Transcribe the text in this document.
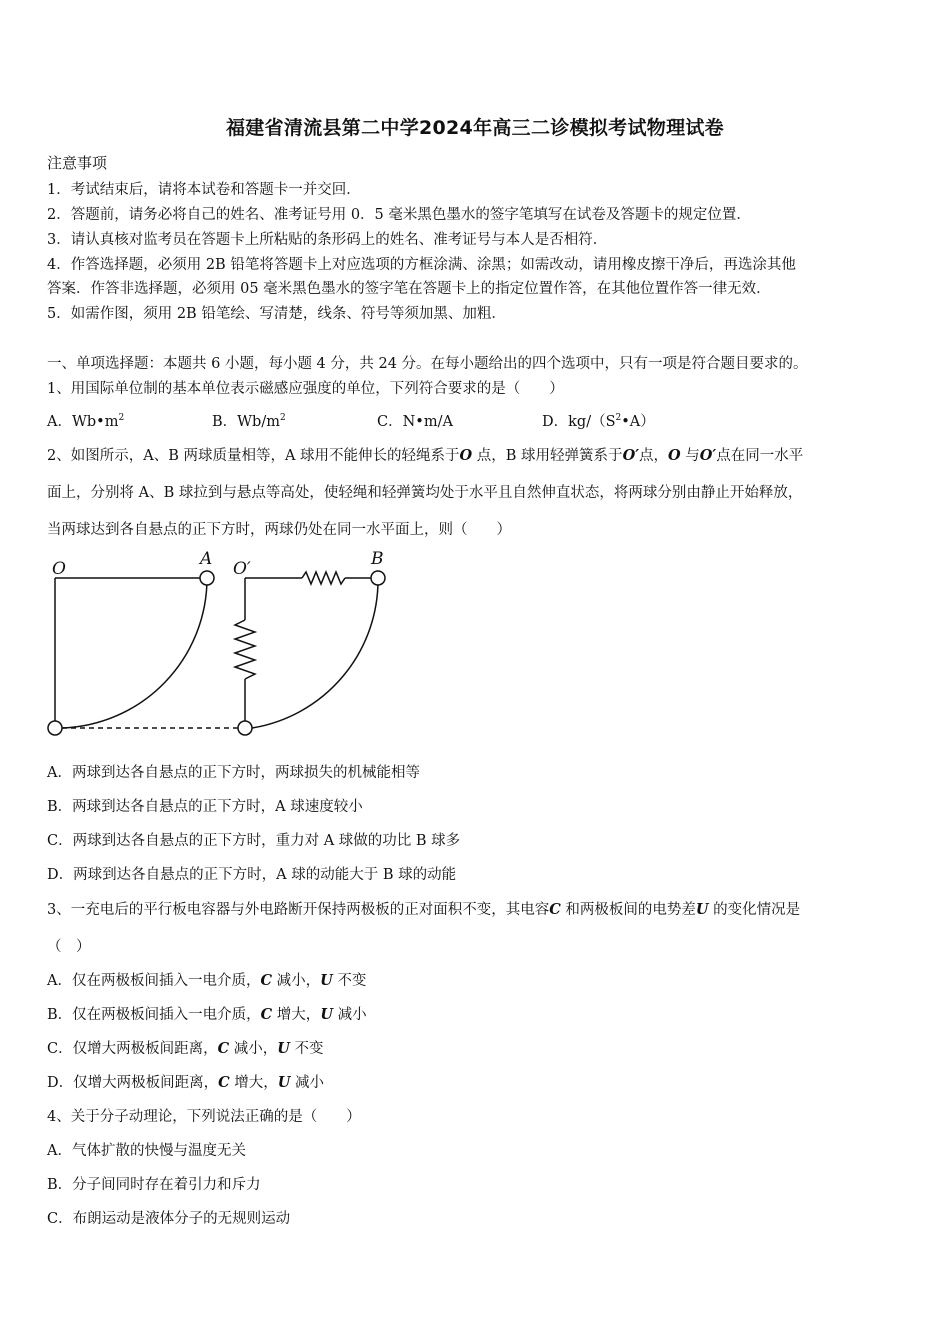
福建省清流县第二中学2024年高三二诊模拟考试物理试卷
注意事项
1．考试结束后，请将本试卷和答题卡一并交回．
2．答题前，请务必将自己的姓名、准考证号用 0．5 毫米黑色墨水的签字笔填写在试卷及答题卡的规定位置．
3．请认真核对监考员在答题卡上所粘贴的条形码上的姓名、准考证号与本人是否相符．
4．作答选择题，必须用 2B 铅笔将答题卡上对应选项的方框涂满、涂黑；如需改动，请用橡皮擦干净后，再选涂其他
答案．作答非选择题，必须用 05 毫米黑色墨水的签字笔在答题卡上的指定位置作答，在其他位置作答一律无效．
5．如需作图，须用 2B 铅笔绘、写清楚，线条、符号等须加黑、加粗．
一、单项选择题：本题共 6 小题，每小题 4 分，共 24 分。在每小题给出的四个选项中，只有一项是符合题目要求的。
1、用国际单位制的基本单位表示磁感应强度的单位，下列符合要求的是（　　）
A．$Wb•m^2$	B．$Wb/m^2$	C．N•m/A	D．$kg/(S^2•A)$
2、如图所示，A、B 两球质量相等，A 球用不能伸长的轻绳系于O 点，B 球用轻弹簧系于O′点，O 与O′点在同一水平
面上，分别将 A、B 球拉到与悬点等高处，使轻绳和轻弹簧均处于水平且自然伸直状态，将两球分别由静止开始释放，
当两球达到各自悬点的正下方时，两球仍处在同一水平面上，则（　　）
O	A O′	B
A．两球到达各自悬点的正下方时，两球损失的机械能相等
B．两球到达各自悬点的正下方时，A 球速度较小
C．两球到达各自悬点的正下方时，重力对 A 球做的功比 B 球多
D．两球到达各自悬点的正下方时，A 球的动能大于 B 球的动能
3、一充电后的平行板电容器与外电路断开保持两极板的正对面积不变，其电容C 和两极板间的电势差U 的变化情况是
（　）
A．仅在两极板间插入一电介质，C 减小，U 不变
B．仅在两极板间插入一电介质，C 增大，U 减小
C．仅增大两极板间距离，C 减小，U 不变
D．仅增大两极板间距离，C 增大，U 减小
4、关于分子动理论，下列说法正确的是（　　）
A．气体扩散的快慢与温度无关
B．分子间同时存在着引力和斥力
C．布朗运动是液体分子的无规则运动
